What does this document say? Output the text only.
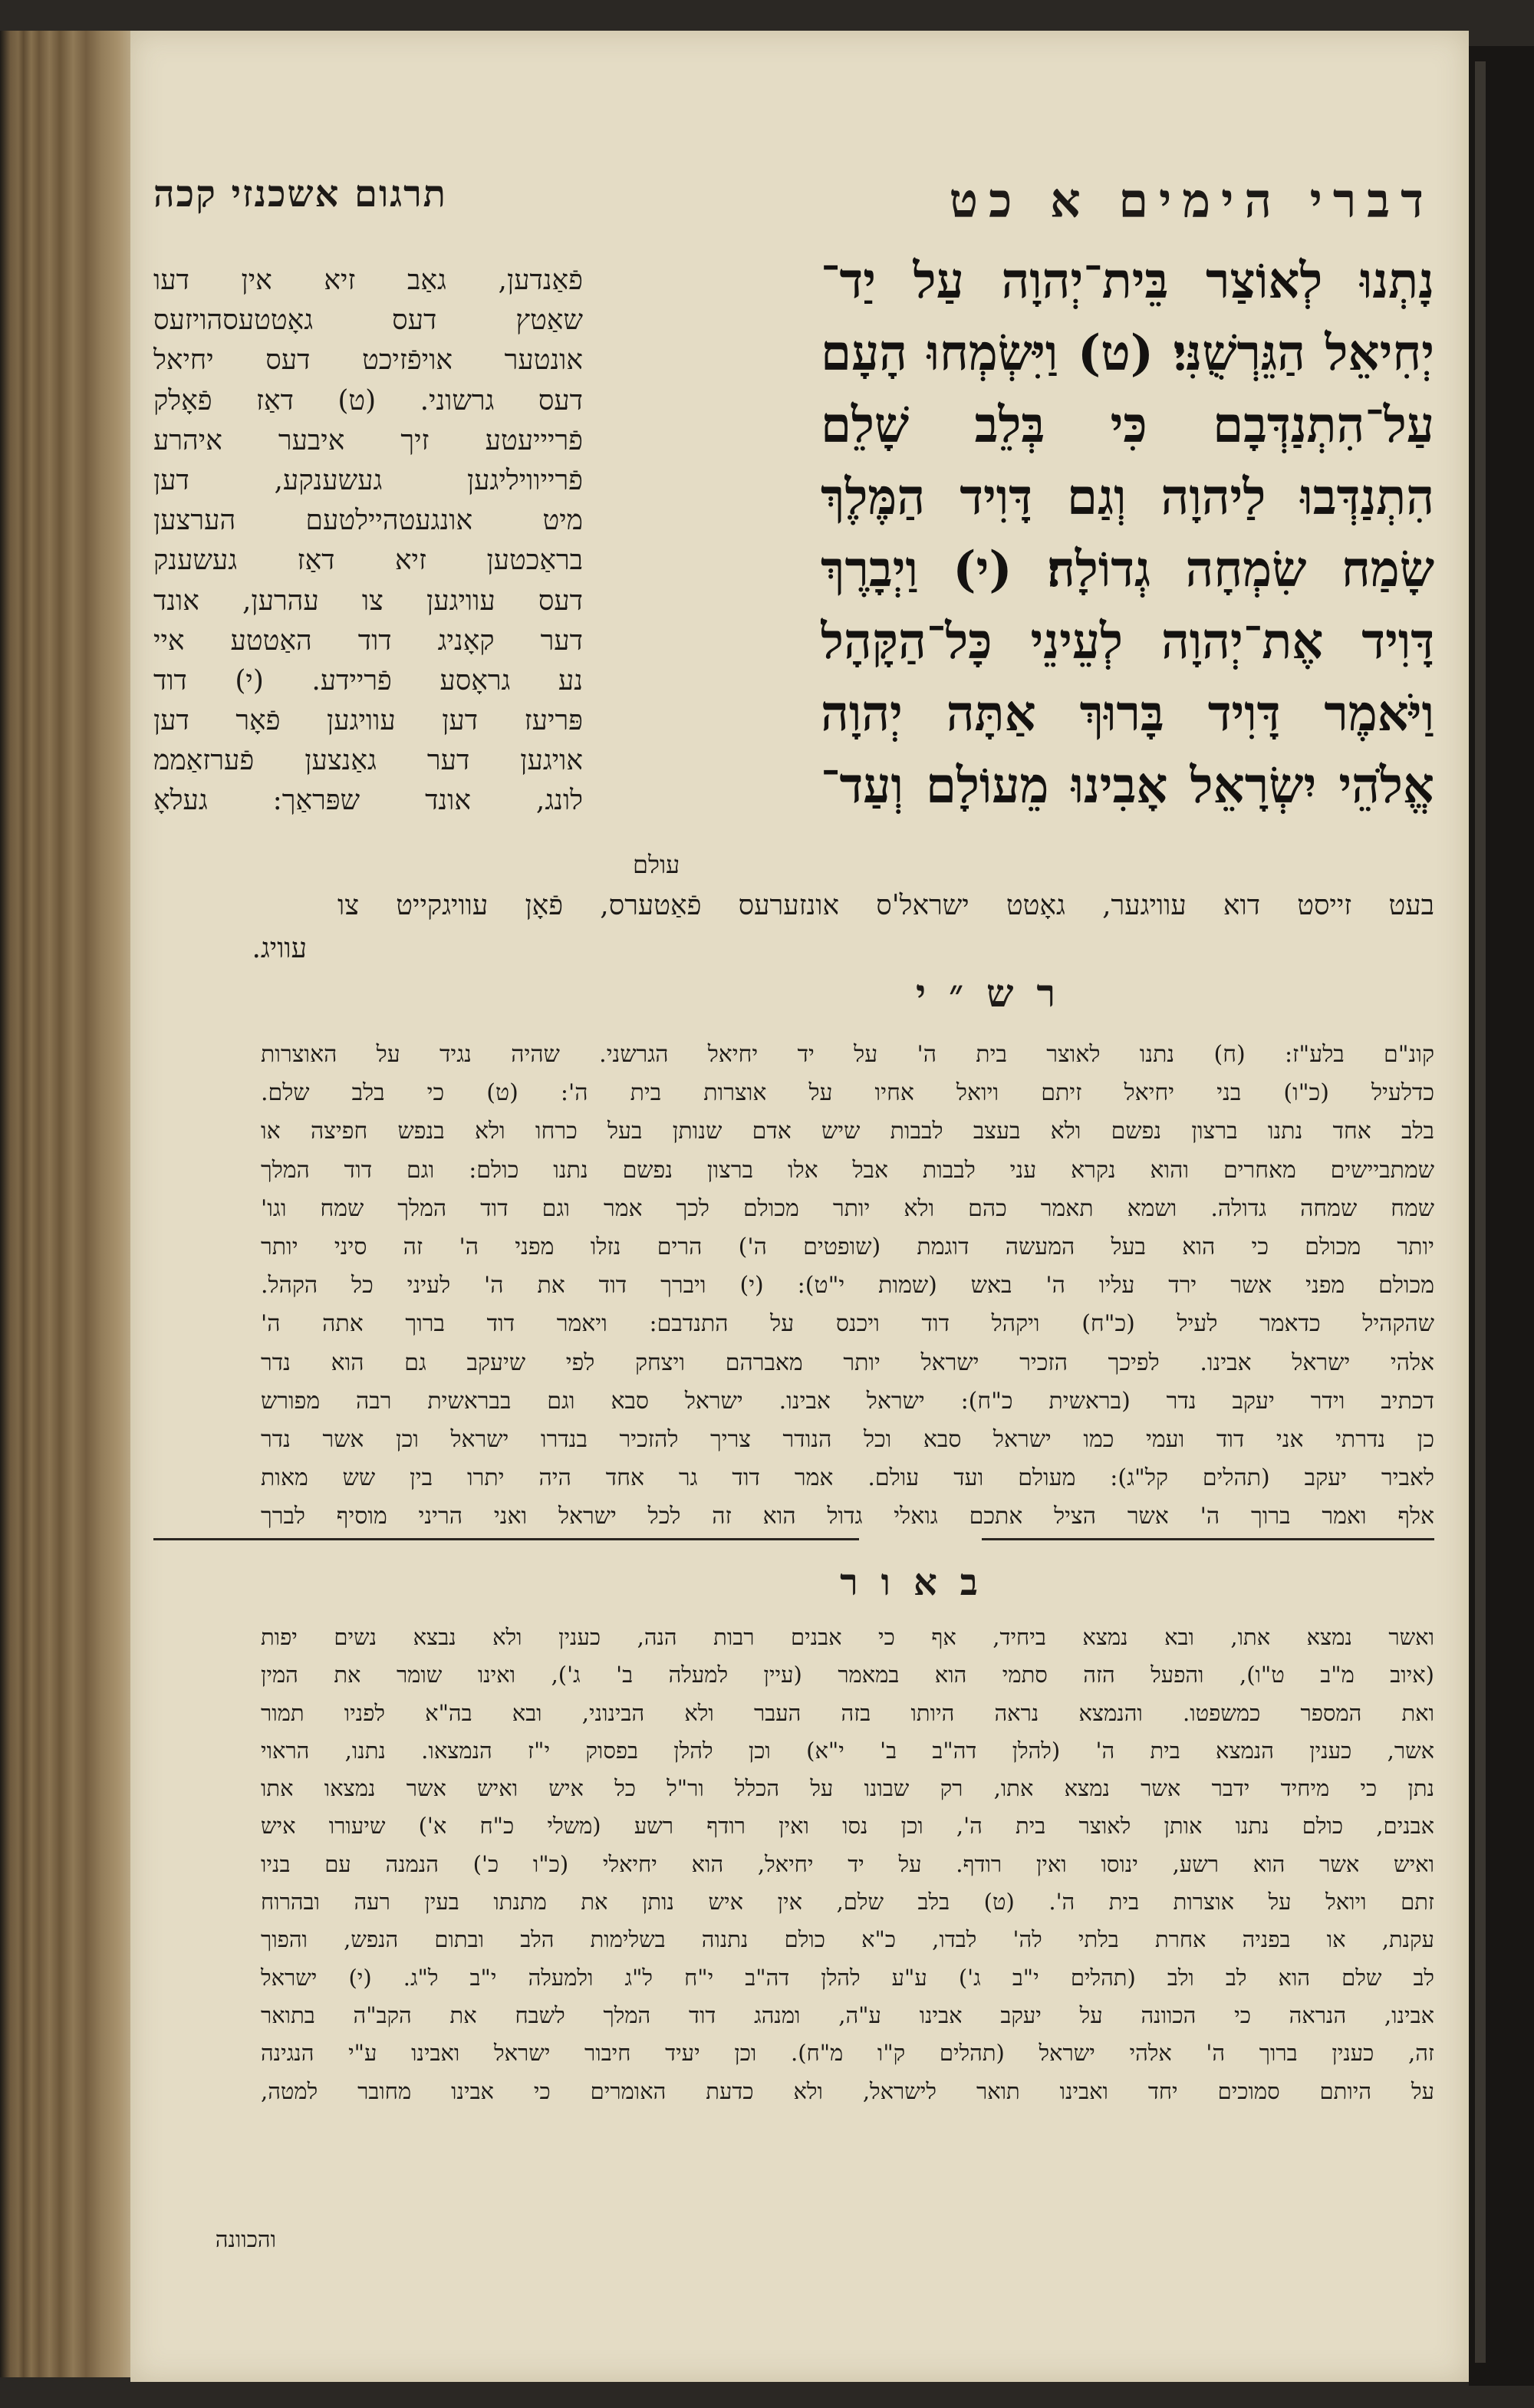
דברי הימים א כט
תרגום אשכנזי קכה
נָתְנוּ לְאוֹצַר בֵּית־יְהוָה עַל יַד־
יְחִיאֵל הַגֵּרְשֻׁנִּי׃ (ט) וַיִּשְׂמְחוּ הָעָם
עַל־הִתְנַדְּבָם כִּי בְּלֵב שָׁלֵם
הִתְנַדְּבוּ לַיהוָה וְגַם דָּוִיד הַמֶּלֶךְ
שָׂמַח שִׂמְחָה גְדוֹלָה׃ (י) וַיְבָרֶךְ
דָּוִיד אֶת־יְהוָה לְעֵינֵי כָּל־הַקָּהָל
וַיֹּאמֶר דָּוִיד בָּרוּךְ אַתָּה יְהוָה
אֱלֹהֵי יִשְׂרָאֵל אָבִינוּ מֵעוֹלָם וְעַד־
עולם
פֿאַנדען, גאַב זיא אין דעו
שאַטץ דעס גאָטטעסהויזעס
אונטער אויפֿזיכט דעס יחיאל
דעס גרשוני. (ט) דאַז פֿאָלק
פֿריייעטע זיך איבער איהרע
פֿרייוויליגען געשענקע, דען
מיט אונגעטהיילטעם הערצען
בראַכטען זיא דאַז געשענק
דעס עוויגען צו עהרען, אונד
דער קאָניג דוד האַטטע איי
נע גראָסע פֿריידע. (י) דוד
פּריעז דען עוויגען פֿאָר דען
אויגען דער גאַנצען פֿערזאַממ
לונג, אונד שפּראַך: געלאָ
בעט זייסט דוא עוויגער, גאָטט ישראל'ס אונזערעס פֿאַטערס, פֿאָן עוויגקייט צו
עוויג.
רש״י
קונ"ם בלע"ז: (ח) נתנו לאוצר בית ה' על יד יחיאל הגרשני. שהיה נגיד על האוצרות
כדלעיל (כ"ו) בני יחיאל זיתם ויואל אחיו על אוצרות בית ה': (ט) כי בלב שלם.
בלב אחד נתנו ברצון נפשם ולא בעצב לבבות שיש אדם שנותן בעל כרחו ולא בנפש חפיצה או
שמתביישים מאחרים והוא נקרא עני לבבות אבל אלו ברצון נפשם נתנו כולם: וגם דוד המלך
שמח שמחה גדולה. ושמא תאמר כהם ולא יותר מכולם לכך אמר וגם דוד המלך שמח וגו'
יותר מכולם כי הוא בעל המעשה דוגמת (שופטים ה') הרים נזלו מפני ה' זה סיני יותר
מכולם מפני אשר ירד עליו ה' באש (שמות י"ט): (י) ויברך דוד את ה' לעיני כל הקהל.
שהקהיל כדאמר לעיל (כ"ח) ויקהל דוד ויכנס על התנדבם: ויאמר דוד ברוך אתה ה'
אלהי ישראל אבינו. לפיכך הזכיר ישראל יותר מאברהם ויצחק לפי שיעקב גם הוא נדר
דכתיב וידר יעקב נדר (בראשית כ"ח): ישראל אבינו. ישראל סבא וגם בבראשית רבה מפורש
כן נדרתי אני דוד ועמי כמו ישראל סבא וכל הנודר צריך להזכיר בנדרו ישראל וכן אשר נדר
לאביר יעקב (תהלים קל"ג): מעולם ועד עולם. אמר דוד גר אחד היה יתרו בין שש מאות
אלף ואמר ברוך ה' אשר הציל אתכם גואלי גדול הוא זה לכל ישראל ואני הריני מוסיף לברך
באור
ואשר נמצא אתו, ובא נמצא ביחיד, אף כי אבנים רבות הנה, כענין ולא נבצא נשים יפות
(איוב מ"ב ט"ו), והפעל הזה סתמי הוא במאמר (עיין למעלה ב' ג'), ואינו שומר את המין
ואת המספר כמשפטו. והנמצא נראה היותו בזה העבר ולא הבינוני, ובא בה"א לפניו תמור
אשר, כענין הנמצא בית ה' (להלן דה"ב ב' י"א) וכן להלן בפסוק י"ז הנמצאו. נתנו, הראוי
נתן כי מיחיד ידבר אשר נמצא אתו, רק שבונו על הכלל ור"ל כל איש ואיש אשר נמצאו אתו
אבנים, כולם נתנו אותן לאוצר בית ה', וכן נסו ואין רודף רשע (משלי כ"ח א') שיעורו איש
ואיש אשר הוא רשע, ינוסו ואין רודף. על יד יחיאל, הוא יחיאלי (כ"ו כ') הנמנה עם בניו
זתם ויואל על אוצרות בית ה'. (ט) בלב שלם, אין איש נותן את מתנתו בעין רעה ובהרוח
עקנת, או בפניה אחרת בלתי לה' לבדו, כ"א כולם נתנוה בשלימות הלב ובתום הנפש, והפוך
לב שלם הוא לב ולב (תהלים י"ב ג') ע"ע להלן דה"ב י"ח ל"ג ולמעלה י"ב ל"ג. (י) ישראל
אבינו, הנראה כי הכוונה על יעקב אבינו ע"ה, ומנהג דוד המלך לשבח את הקב"ה בתואר
זה, כענין ברוך ה' אלהי ישראל (תהלים ק"ו מ"ח). וכן יעיד חיבור ישראל ואבינו ע"י הנגינה
על היותם סמוכים יחד ואבינו תואר לישראל, ולא כדעת האומרים כי אבינו מחובר למטה,
והכוונה
